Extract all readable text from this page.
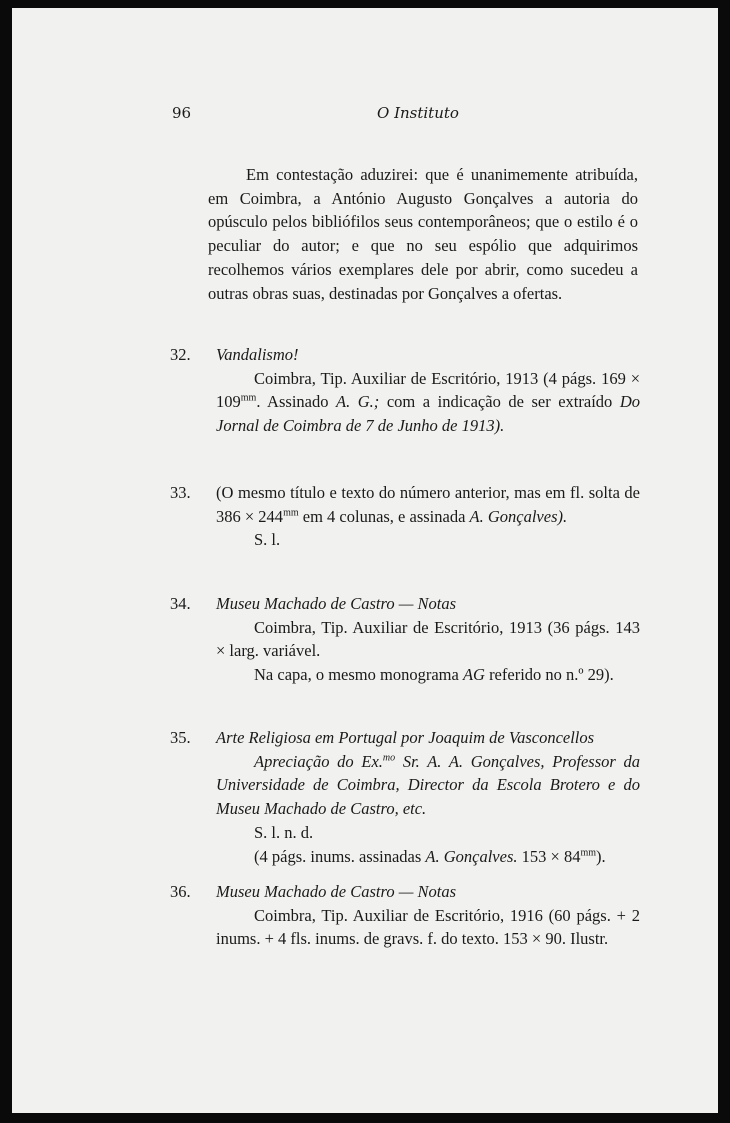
96	O Instituto
Em contestação aduzirei: que é unanimemente atribuída, em Coimbra, a António Augusto Gonçalves a autoria do opúsculo pelos bibliófilos seus contemporâneos; que o estilo é o peculiar do autor; e que no seu espólio que adquirimos recolhemos vários exemplares dele por abrir, como sucedeu a outras obras suas, destinadas por Gonçalves a ofertas.
32. Vandalismo!
Coimbra, Tip. Auxiliar de Escritório, 1913 (4 págs. $169 \times 109^{mm}$. Assinado A. G.; com a indicação de ser extraído Do Jornal de Coimbra de 7 de Junho de 1913).
33. (O mesmo título e texto do número anterior, mas em fl. solta de $386 \times 244^{mm}$ em 4 colunas, e assinada A. Gonçalves).
S. l.
34. Museu Machado de Castro — Notas
Coimbra, Tip. Auxiliar de Escritório, 1913 (36 págs. 143 × larg. variável.
Na capa, o mesmo monograma AG referido no n.º 29).
35. Arte Religiosa em Portugal por Joaquim de Vasconcellos
Apreciação do Ex.$^{mo}$ Sr. A. A. Gonçalves, Professor da Universidade de Coimbra, Director da Escola Brotero e do Museu Machado de Castro, etc.
S. l. n. d.
(4 págs. inums. assinadas A. Gonçalves. $153 \times 84^{mm}$).
36. Museu Machado de Castro — Notas
Coimbra, Tip. Auxiliar de Escritório, 1916 (60 págs. + 2 inums. + 4 fls. inums. de gravs. f. do texto. 153 × 90. Ilustr.
